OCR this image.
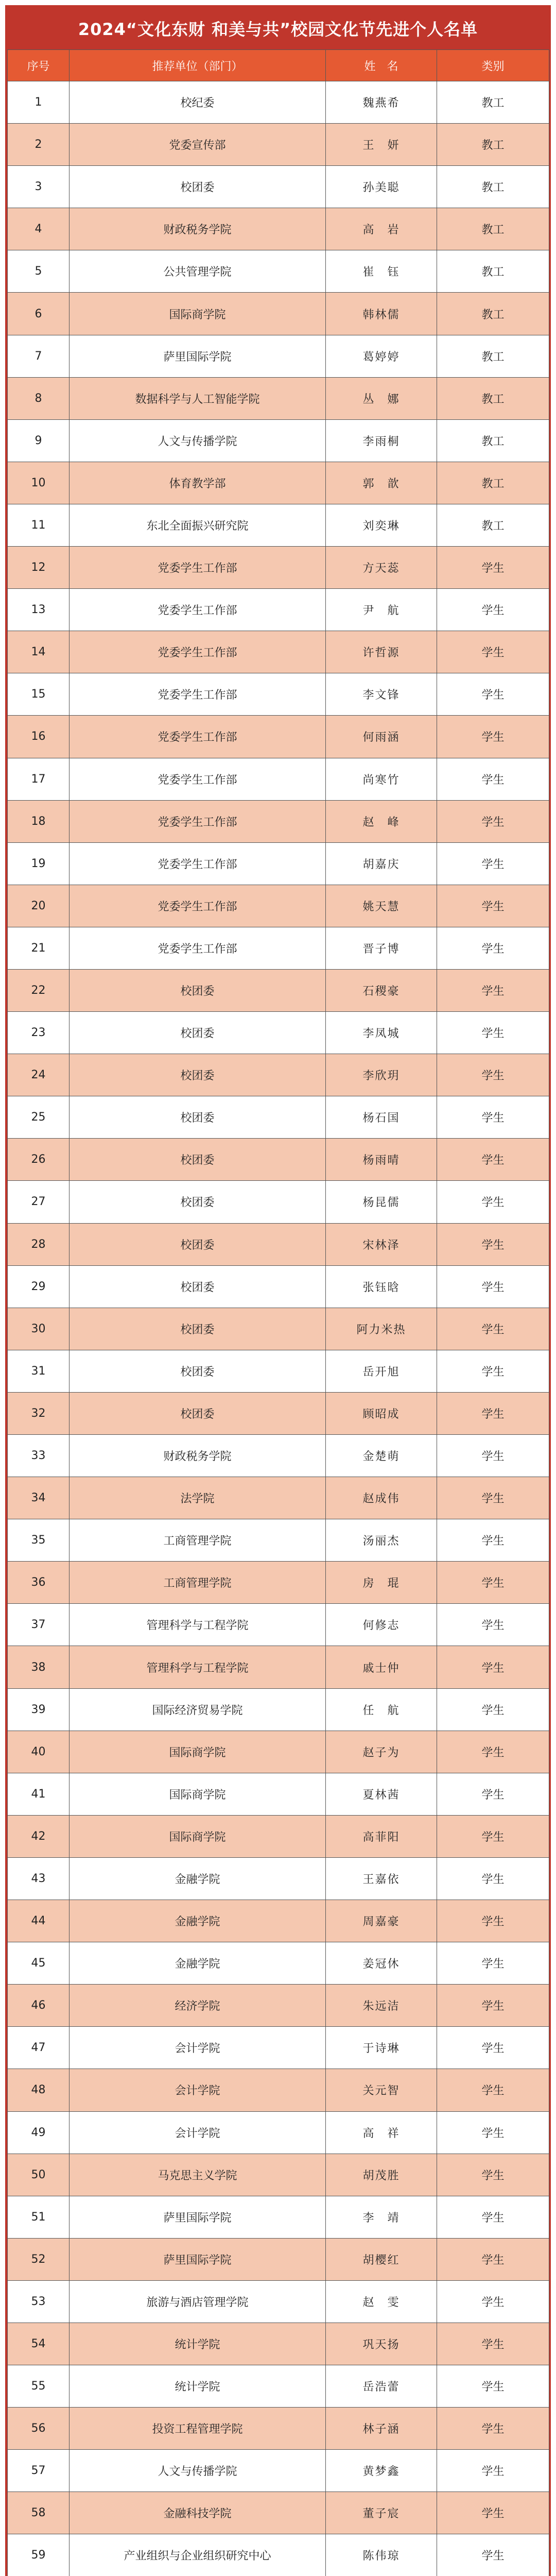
2024“文化东财 和美与共”校园文化节先进个人名单
序号	推荐单位（部门）	姓　名	类别
1	校纪委	魏燕希	教工
2	党委宣传部	王　妍	教工
3	校团委	孙美聪	教工
4	财政税务学院	高　岩	教工
5	公共管理学院	崔　钰	教工
6	国际商学院	韩林儒	教工
7	萨里国际学院	葛婷婷	教工
8	数据科学与人工智能学院	丛　娜	教工
9	人文与传播学院	李雨桐	教工
10	体育教学部	郭　歆	教工
11	东北全面振兴研究院	刘奕琳	教工
12	党委学生工作部	方天蕊	学生
13	党委学生工作部	尹　航	学生
14	党委学生工作部	许哲源	学生
15	党委学生工作部	李文锋	学生
16	党委学生工作部	何雨涵	学生
17	党委学生工作部	尚寒竹	学生
18	党委学生工作部	赵　峰	学生
19	党委学生工作部	胡嘉庆	学生
20	党委学生工作部	姚天慧	学生
21	党委学生工作部	晋子博	学生
22	校团委	石稷豪	学生
23	校团委	李凤城	学生
24	校团委	李欣玥	学生
25	校团委	杨石国	学生
26	校团委	杨雨晴	学生
27	校团委	杨昆儒	学生
28	校团委	宋林泽	学生
29	校团委	张钰晗	学生
30	校团委	阿力米热	学生
31	校团委	岳开旭	学生
32	校团委	顾昭成	学生
33	财政税务学院	金楚萌	学生
34	法学院	赵成伟	学生
35	工商管理学院	汤丽杰	学生
36	工商管理学院	房　琨	学生
37	管理科学与工程学院	何修志	学生
38	管理科学与工程学院	戚士仲	学生
39	国际经济贸易学院	任　航	学生
40	国际商学院	赵子为	学生
41	国际商学院	夏林茜	学生
42	国际商学院	高菲阳	学生
43	金融学院	王嘉依	学生
44	金融学院	周嘉豪	学生
45	金融学院	姜冠休	学生
46	经济学院	朱远洁	学生
47	会计学院	于诗琳	学生
48	会计学院	关元智	学生
49	会计学院	高　祥	学生
50	马克思主义学院	胡茂胜	学生
51	萨里国际学院	李　靖	学生
52	萨里国际学院	胡樱红	学生
53	旅游与酒店管理学院	赵　雯	学生
54	统计学院	巩天扬	学生
55	统计学院	岳浩蕾	学生
56	投资工程管理学院	林子涵	学生
57	人文与传播学院	黄梦鑫	学生
58	金融科技学院	董子宸	学生
59	产业组织与企业组织研究中心	陈伟琼	学生
